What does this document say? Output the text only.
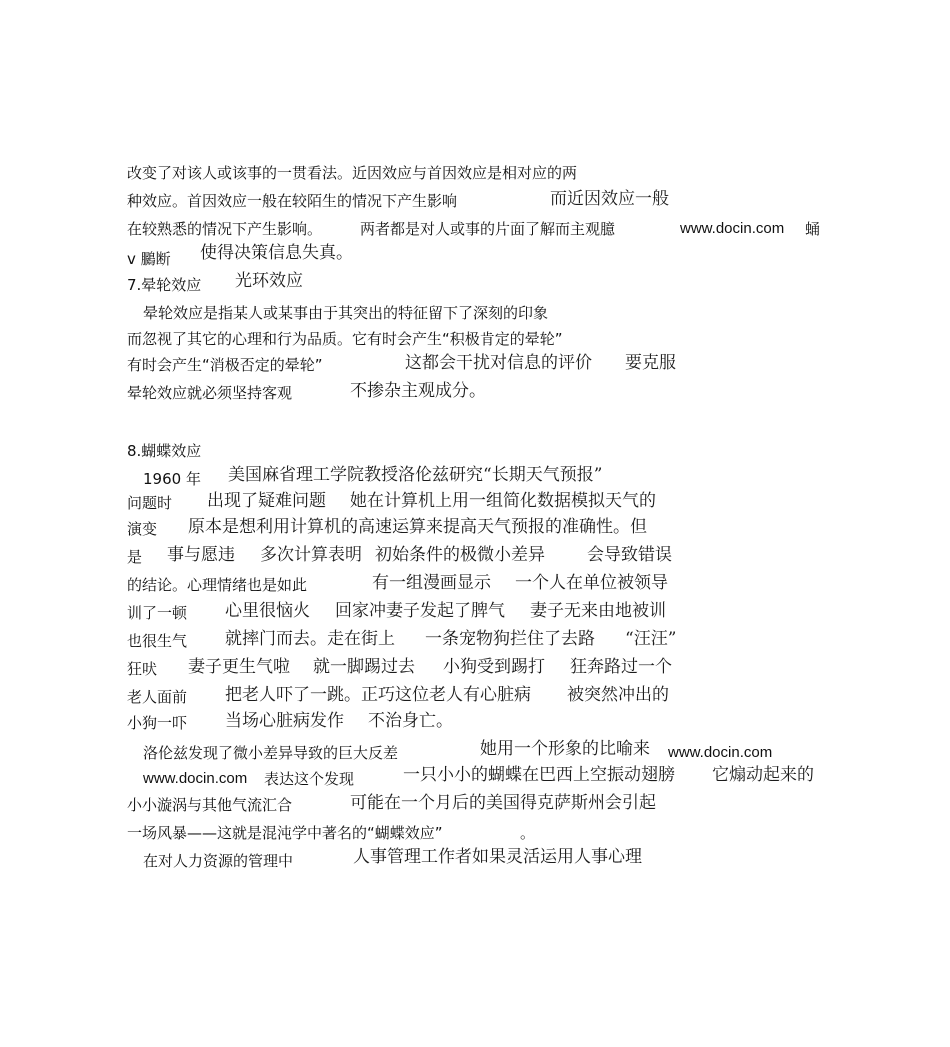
改变了对该人或该事的一贯看法。近因效应与首因效应是相对应的两
种效应。首因效应一般在较陌生的情况下产生影响	而近因效应一般
在较熟悉的情况下产生影响。	两者都是对人或事的片面了解而主观臆	www.docin.com 蛹
v 鵩断 使得决策信息失真。
7.晕轮效应 光环效应
晕轮效应是指某人或某事由于其突出的特征留下了深刻的印象
而忽视了其它的心理和行为品质。它有时会产生“积极肯定的晕轮”
有时会产生“消极否定的晕轮”	这都会干扰对信息的评价 要克服
晕轮效应就必须坚持客观	不掺杂主观成分。
8.蝴蝶效应
1960 年 美国麻省理工学院教授洛伦兹研究“长期天气预报”
问题时 出现了疑难问题 她在计算机上用一组简化数据模拟天气的
演变 原本是想利用计算机的高速运算来提高天气预报的准确性。但
是 事与愿违 多次计算表明 初始条件的极微小差异 会导致错误
的结论。心理情绪也是如此	有一组漫画显示 一个人在单位被领导
训了一顿 心里很恼火 回家冲妻子发起了脾气 妻子无来由地被训
也很生气 就摔门而去。走在街上 一条宠物狗拦住了去路 “汪汪”
狂吠 妻子更生气啦 就一脚踢过去 小狗受到踢打 狂奔路过一个
老人面前 把老人吓了一跳。正巧这位老人有心脏病 被突然冲出的
小狗一吓 当场心脏病发作 不治身亡。
洛伦兹发现了微小差异导致的巨大反差	她用一个形象的比喻来 www.docin.com
www.docin.com 表达这个发现	一只小小的蝴蝶在巴西上空振动翅膀 它煽动起来的
小小漩涡与其他气流汇合	可能在一个月后的美国得克萨斯州会引起
一场风暴——这就是混沌学中著名的“蝴蝶效应”	。
在对人力资源的管理中	人事管理工作者如果灵活运用人事心理
